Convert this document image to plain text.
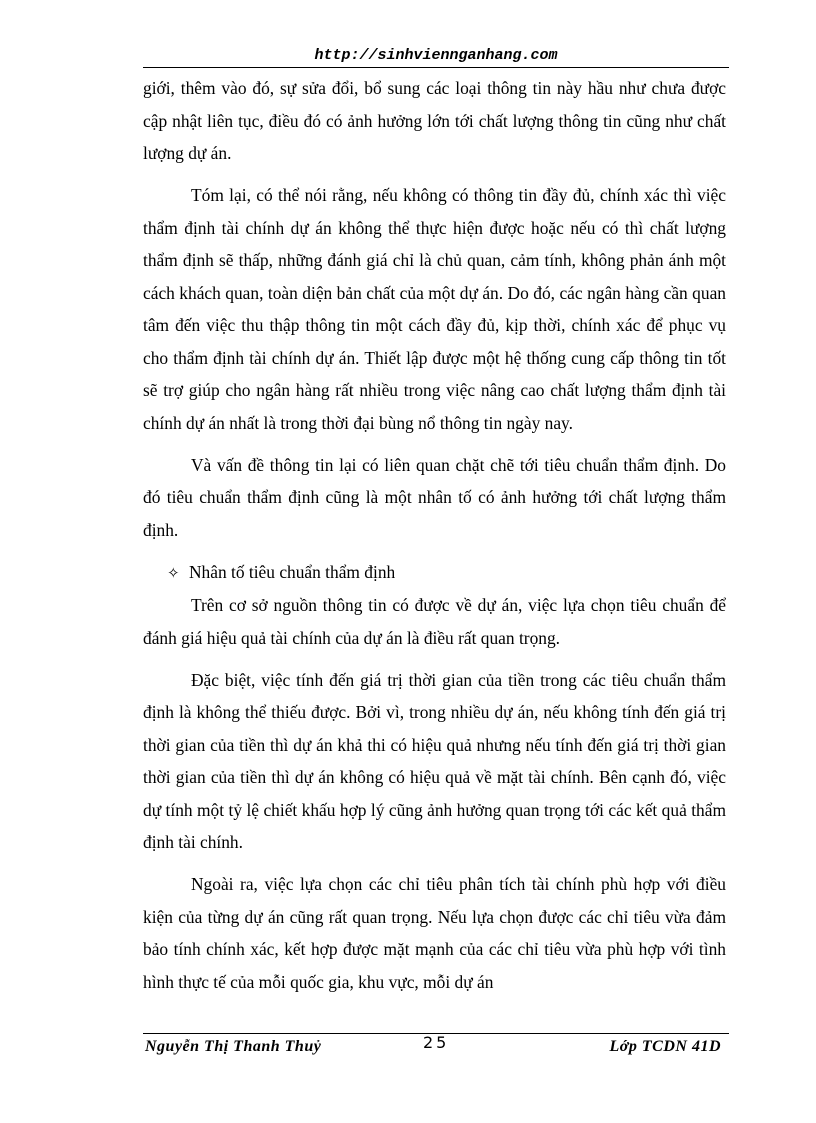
http://sinhviennganhang.com

giới, thêm vào đó, sự sửa đổi, bổ sung các loại thông tin này hầu như chưa được cập nhật liên tục, điều đó có ảnh hưởng lớn tới chất lượng thông tin cũng như chất lượng dự án.

Tóm lại, có thể nói rằng, nếu không có thông tin đầy đủ, chính xác thì việc thẩm định tài chính dự án không thể thực hiện được hoặc nếu có thì chất lượng thẩm định sẽ thấp, những đánh giá chỉ là chủ quan, cảm tính, không phản ánh một cách khách quan, toàn diện bản chất của một dự án. Do đó, các ngân hàng cần quan tâm đến việc thu thập thông tin một cách đầy đủ, kịp thời, chính xác để phục vụ cho thẩm định tài chính dự án. Thiết lập được một hệ thống cung cấp thông tin tốt sẽ trợ giúp cho ngân hàng rất nhiều trong việc nâng cao chất lượng thẩm định tài chính dự án nhất là trong thời đại bùng nổ thông tin ngày nay.

Và vấn đề thông tin lại có liên quan chặt chẽ tới tiêu chuẩn thẩm định. Do đó tiêu chuẩn thẩm định cũng là một nhân tố có ảnh hưởng tới chất lượng thẩm định.

✧ Nhân tố tiêu chuẩn thẩm định

Trên cơ sở nguồn thông tin có được về dự án, việc lựa chọn tiêu chuẩn để đánh giá hiệu quả tài chính của dự án là điều rất quan trọng.

Đặc biệt, việc tính đến giá trị thời gian của tiền trong các tiêu chuẩn thẩm định là không thể thiếu được. Bởi vì, trong nhiều dự án, nếu không tính đến giá trị thời gian của tiền thì dự án khả thi có hiệu quả nhưng nếu tính đến giá trị thời gian thời gian của tiền thì dự án không có hiệu quả về mặt tài chính. Bên cạnh đó, việc dự tính một tỷ lệ chiết khấu hợp lý cũng ảnh hưởng quan trọng tới các kết quả thẩm định tài chính.

Ngoài ra, việc lựa chọn các chỉ tiêu phân tích tài chính phù hợp với điều kiện của từng dự án cũng rất quan trọng. Nếu lựa chọn được các chỉ tiêu vừa đảm bảo tính chính xác, kết hợp được mặt mạnh của các chỉ tiêu vừa phù hợp với tình hình thực tế của mỗi quốc gia, khu vực, mỗi dự án

Nguyễn Thị Thanh Thuỷ	25	Lớp TCDN 41D
